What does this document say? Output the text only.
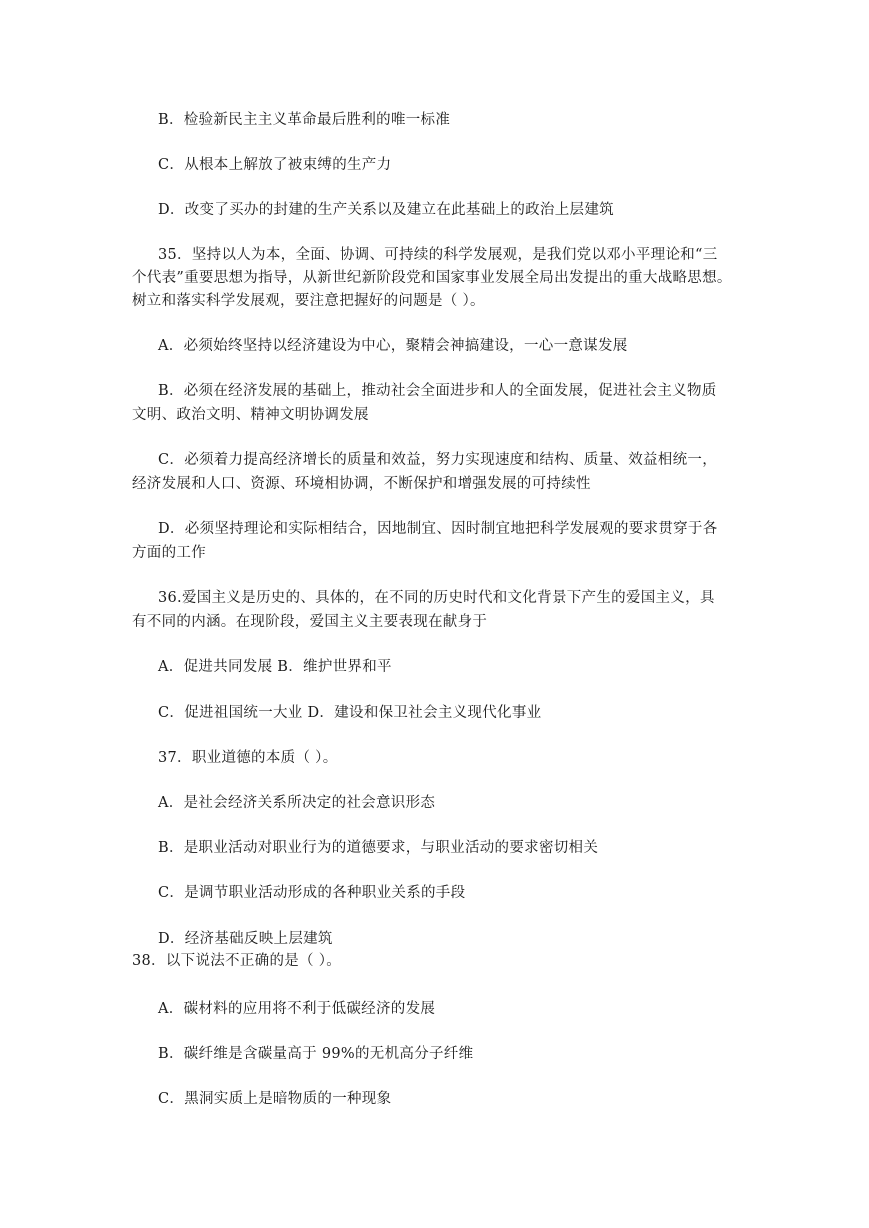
B．检验新民主主义革命最后胜利的唯一标准
C．从根本上解放了被束缚的生产力
D．改变了买办的封建的生产关系以及建立在此基础上的政治上层建筑
35．坚持以人为本，全面、协调、可持续的科学发展观，是我们党以邓小平理论和“三
个代表”重要思想为指导，从新世纪新阶段党和国家事业发展全局出发提出的重大战略思想。
树立和落实科学发展观，要注意把握好的问题是（ ）。
A．必须始终坚持以经济建设为中心，聚精会神搞建设，一心一意谋发展
B．必须在经济发展的基础上，推动社会全面进步和人的全面发展，促进社会主义物质
文明、政治文明、精神文明协调发展
C．必须着力提高经济增长的质量和效益，努力实现速度和结构、质量、效益相统一，
经济发展和人口、资源、环境相协调，不断保护和增强发展的可持续性
D．必须坚持理论和实际相结合，因地制宜、因时制宜地把科学发展观的要求贯穿于各
方面的工作
36.爱国主义是历史的、具体的，在不同的历史时代和文化背景下产生的爱国主义，具
有不同的内涵。在现阶段，爱国主义主要表现在献身于
A．促进共同发展 B．维护世界和平
C．促进祖国统一大业 D．建设和保卫社会主义现代化事业
37．职业道德的本质（ ）。
A．是社会经济关系所决定的社会意识形态
B．是职业活动对职业行为的道德要求，与职业活动的要求密切相关
C．是调节职业活动形成的各种职业关系的手段
D．经济基础反映上层建筑
38．以下说法不正确的是（ ）。
A．碳材料的应用将不利于低碳经济的发展
B．碳纤维是含碳量高于 99%的无机高分子纤维
C．黑洞实质上是暗物质的一种现象
